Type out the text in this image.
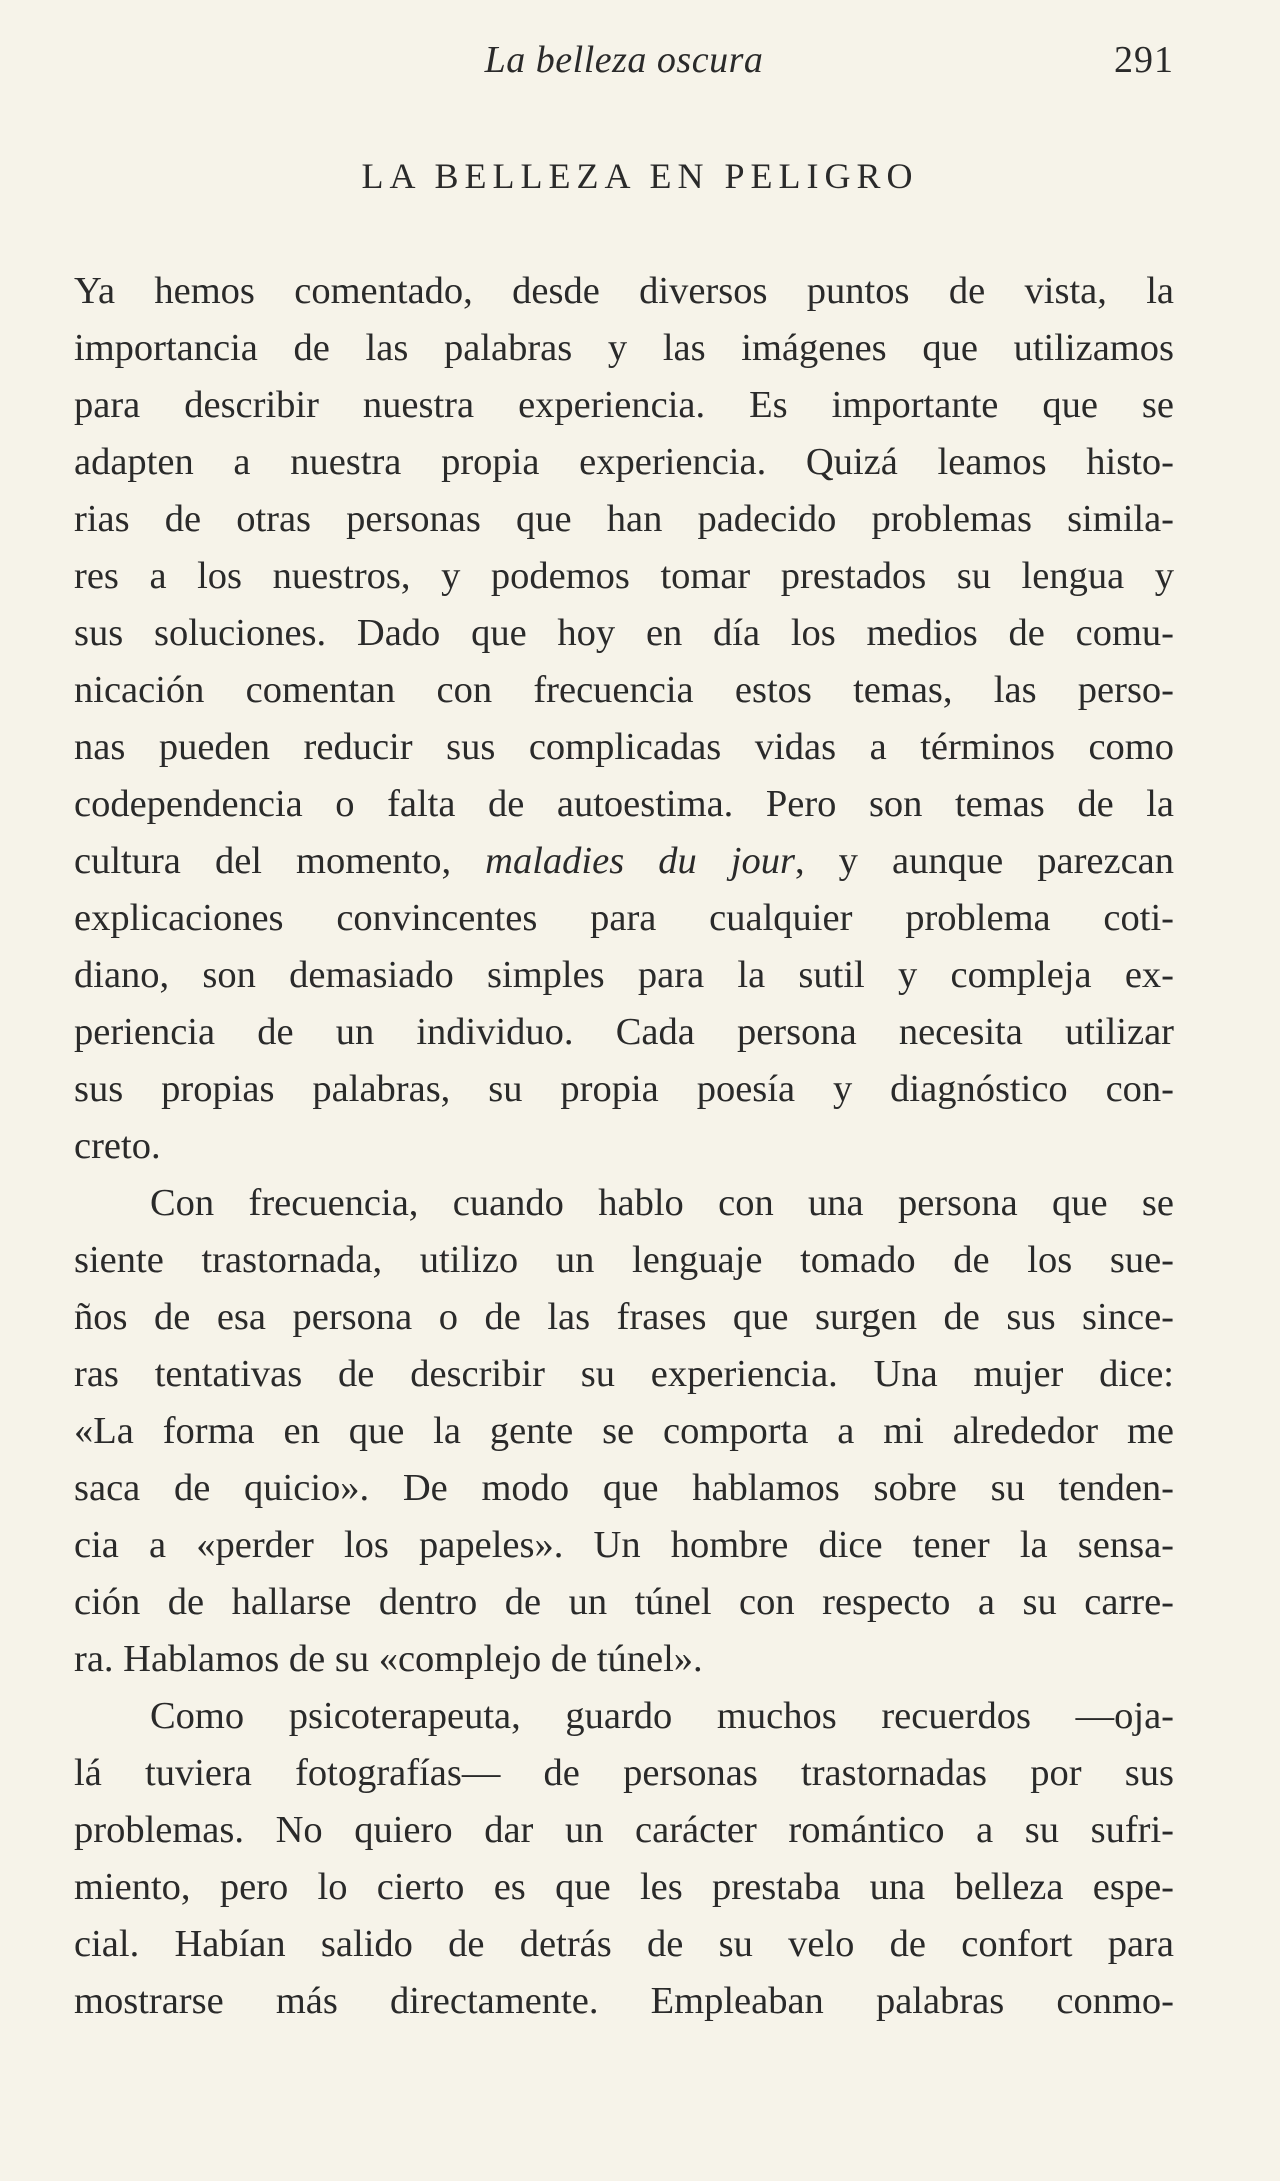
La belleza oscura	291
LA BELLEZA EN PELIGRO

Ya hemos comentado, desde diversos puntos de vista, la
importancia de las palabras y las imágenes que utilizamos
para describir nuestra experiencia. Es importante que se
adapten a nuestra propia experiencia. Quizá leamos histo-
rias de otras personas que han padecido problemas simila-
res a los nuestros, y podemos tomar prestados su lengua y
sus soluciones. Dado que hoy en día los medios de comu-
nicación comentan con frecuencia estos temas, las perso-
nas pueden reducir sus complicadas vidas a términos como
codependencia o falta de autoestima. Pero son temas de la
cultura del momento, maladies du jour, y aunque parezcan
explicaciones convincentes para cualquier problema coti-
diano, son demasiado simples para la sutil y compleja ex-
periencia de un individuo. Cada persona necesita utilizar
sus propias palabras, su propia poesía y diagnóstico con-
creto.

Con frecuencia, cuando hablo con una persona que se
siente trastornada, utilizo un lenguaje tomado de los sue-
ños de esa persona o de las frases que surgen de sus since-
ras tentativas de describir su experiencia. Una mujer dice:
«La forma en que la gente se comporta a mi alrededor me
saca de quicio». De modo que hablamos sobre su tenden-
cia a «perder los papeles». Un hombre dice tener la sensa-
ción de hallarse dentro de un túnel con respecto a su carre-
ra. Hablamos de su «complejo de túnel».

Como psicoterapeuta, guardo muchos recuerdos —oja-
lá tuviera fotografías— de personas trastornadas por sus
problemas. No quiero dar un carácter romántico a su sufri-
miento, pero lo cierto es que les prestaba una belleza espe-
cial. Habían salido de detrás de su velo de confort para
mostrarse más directamente. Empleaban palabras conmo-
